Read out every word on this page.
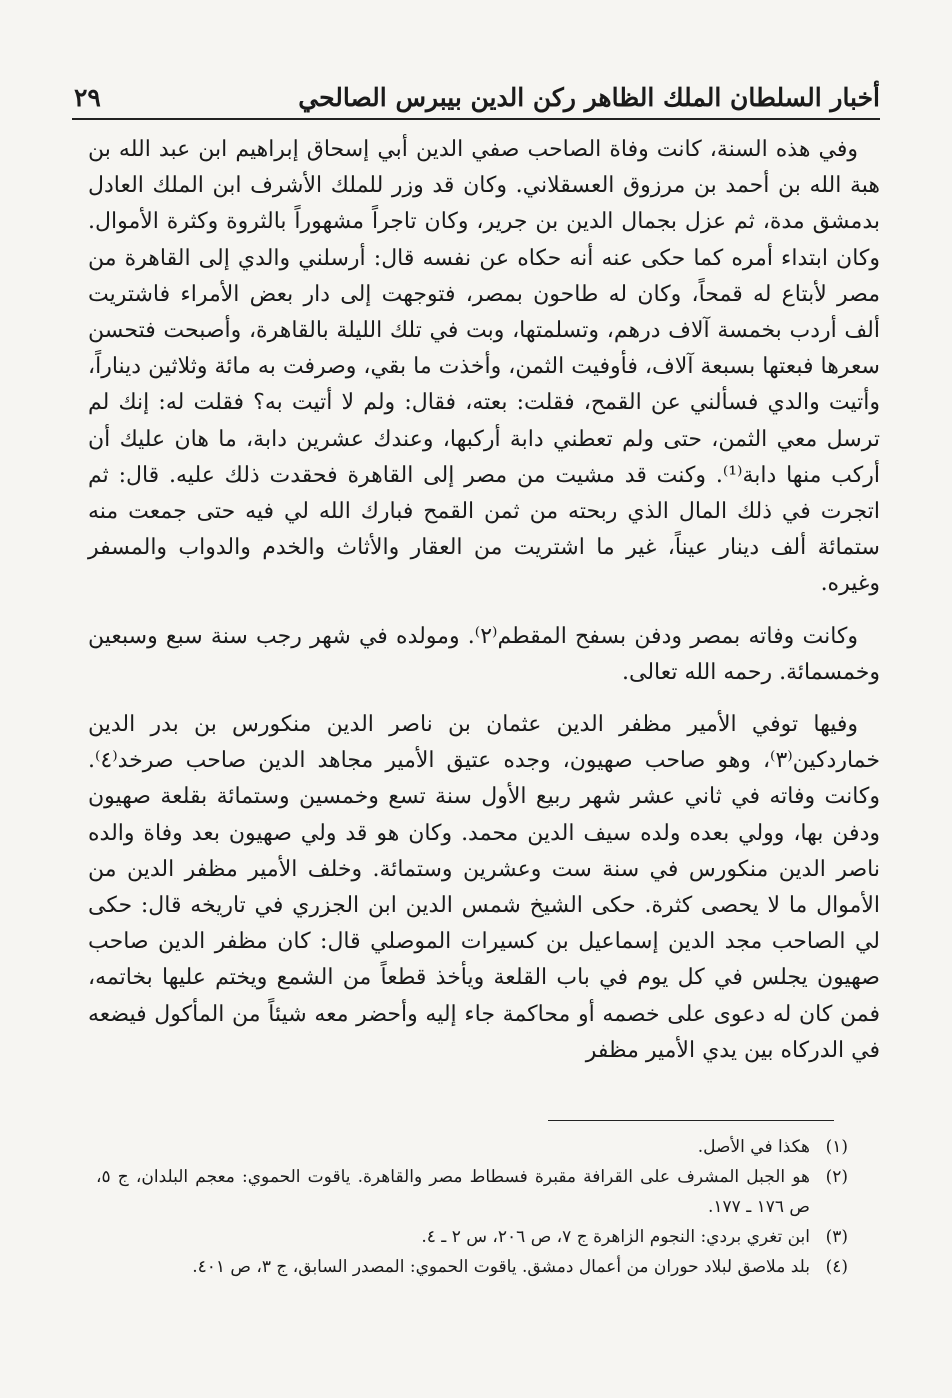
أخبار السلطان الملك الظاهر ركن الدين بيبرس الصالحي
٢٩

وفي هذه السنة، كانت وفاة الصاحب صفي الدين أبي إسحاق إبراهيم ابن عبد الله بن هبة الله بن أحمد بن مرزوق العسقلاني. وكان قد وزر للملك الأشرف ابن الملك العادل بدمشق مدة، ثم عزل بجمال الدين بن جرير، وكان تاجراً مشهوراً بالثروة وكثرة الأموال. وكان ابتداء أمره كما حكى عنه أنه حكاه عن نفسه قال: أرسلني والدي إلى القاهرة من مصر لأبتاع له قمحاً، وكان له طاحون بمصر، فتوجهت إلى دار بعض الأمراء فاشتريت ألف أردب بخمسة آلاف درهم، وتسلمتها، وبت في تلك الليلة بالقاهرة، وأصبحت فتحسن سعرها فبعتها بسبعة آلاف، فأوفيت الثمن، وأخذت ما بقي، وصرفت به مائة وثلاثين ديناراً، وأتيت والدي فسألني عن القمح، فقلت: بعته، فقال: ولم لا أتيت به؟ فقلت له: إنك لم ترسل معي الثمن، حتى ولم تعطني دابة أركبها، وعندك عشرين دابة، ما هان عليك أن أركب منها دابة⁽¹⁾. وكنت قد مشيت من مصر إلى القاهرة فحقدت ذلك عليه. قال: ثم اتجرت في ذلك المال الذي ربحته من ثمن القمح فبارك الله لي فيه حتى جمعت منه ستمائة ألف دينار عيناً، غير ما اشتريت من العقار والأثاث والخدم والدواب والمسفر وغيره.

وكانت وفاته بمصر ودفن بسفح المقطم⁽٢⁾. ومولده في شهر رجب سنة سبع وسبعين وخمسمائة. رحمه الله تعالى.

وفيها توفي الأمير مظفر الدين عثمان بن ناصر الدين منكورس بن بدر الدين خماردكين⁽٣⁾، وهو صاحب صهيون، وجده عتيق الأمير مجاهد الدين صاحب صرخد⁽٤⁾. وكانت وفاته في ثاني عشر شهر ربيع الأول سنة تسع وخمسين وستمائة بقلعة صهيون ودفن بها، وولي بعده ولده سيف الدين محمد. وكان هو قد ولي صهيون بعد وفاة والده ناصر الدين منكورس في سنة ست وعشرين وستمائة. وخلف الأمير مظفر الدين من الأموال ما لا يحصى كثرة. حكى الشيخ شمس الدين ابن الجزري في تاريخه قال: حكى لي الصاحب مجد الدين إسماعيل بن كسيرات الموصلي قال: كان مظفر الدين صاحب صهيون يجلس في كل يوم في باب القلعة ويأخذ قطعاً من الشمع ويختم عليها بخاتمه، فمن كان له دعوى على خصمه أو محاكمة جاء إليه وأحضر معه شيئاً من المأكول فيضعه في الدركاه بين يدي الأمير مظفر

(١)
هكذا في الأصل.
(٢)
هو الجبل المشرف على القرافة مقبرة فسطاط مصر والقاهرة. ياقوت الحموي: معجم البلدان، ج ٥، ص ١٧٦ ـ ١٧٧.
(٣)
ابن تغري بردي: النجوم الزاهرة ج ٧، ص ٢٠٦، س ٢ ـ ٤.
(٤)
بلد ملاصق لبلاد حوران من أعمال دمشق. ياقوت الحموي: المصدر السابق، ج ٣، ص ٤٠١.
